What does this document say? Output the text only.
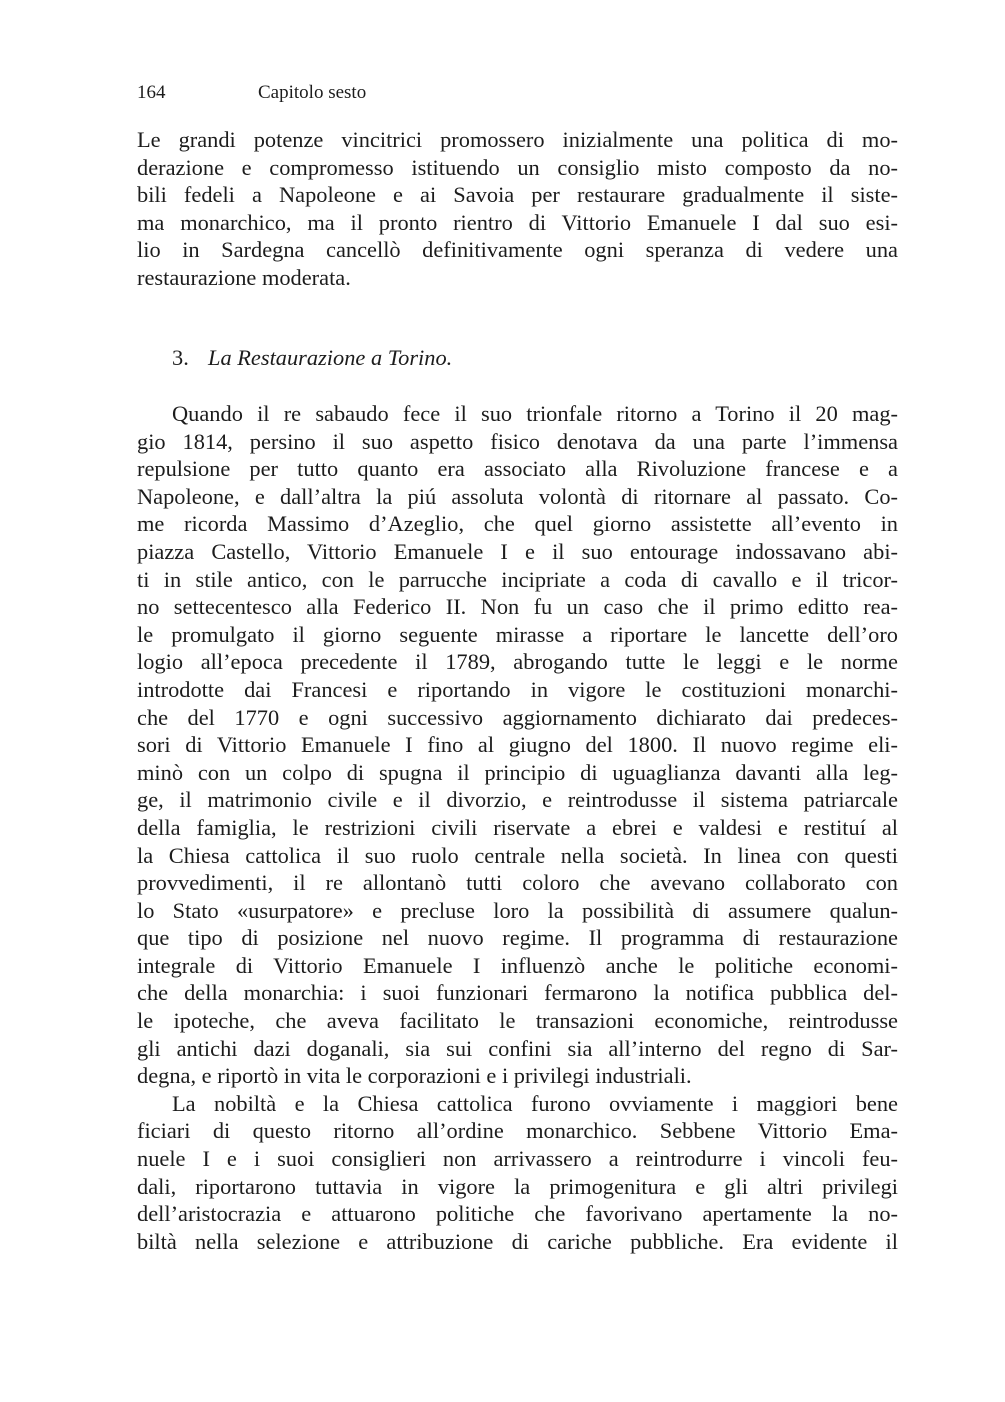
164	Capitolo sesto
Le grandi potenze vincitrici promossero inizialmente una politica di mo-
derazione e compromesso istituendo un consiglio misto composto da no-
bili fedeli a Napoleone e ai Savoia per restaurare gradualmente il siste-
ma monarchico, ma il pronto rientro di Vittorio Emanuele I dal suo esi-
lio in Sardegna cancellò definitivamente ogni speranza di vedere una
restaurazione moderata.
3. La Restaurazione a Torino.
Quando il re sabaudo fece il suo trionfale ritorno a Torino il 20 mag-
gio 1814, persino il suo aspetto fisico denotava da una parte l’immensa
repulsione per tutto quanto era associato alla Rivoluzione francese e a
Napoleone, e dall’altra la piú assoluta volontà di ritornare al passato. Co-
me ricorda Massimo d’Azeglio, che quel giorno assistette all’evento in
piazza Castello, Vittorio Emanuele I e il suo entourage indossavano abi-
ti in stile antico, con le parrucche incipriate a coda di cavallo e il tricor-
no settecentesco alla Federico II. Non fu un caso che il primo editto rea-
le promulgato il giorno seguente mirasse a riportare le lancette dell’oro
logio all’epoca precedente il 1789, abrogando tutte le leggi e le norme
introdotte dai Francesi e riportando in vigore le costituzioni monarchi-
che del 1770 e ogni successivo aggiornamento dichiarato dai predeces-
sori di Vittorio Emanuele I fino al giugno del 1800. Il nuovo regime eli-
minò con un colpo di spugna il principio di uguaglianza davanti alla leg-
ge, il matrimonio civile e il divorzio, e reintrodusse il sistema patriarcale
della famiglia, le restrizioni civili riservate a ebrei e valdesi e restituí al
la Chiesa cattolica il suo ruolo centrale nella società. In linea con questi
provvedimenti, il re allontanò tutti coloro che avevano collaborato con
lo Stato «usurpatore» e precluse loro la possibilità di assumere qualun-
que tipo di posizione nel nuovo regime. Il programma di restaurazione
integrale di Vittorio Emanuele I influenzò anche le politiche economi-
che della monarchia: i suoi funzionari fermarono la notifica pubblica del-
le ipoteche, che aveva facilitato le transazioni economiche, reintrodusse
gli antichi dazi doganali, sia sui confini sia all’interno del regno di Sar-
degna, e riportò in vita le corporazioni e i privilegi industriali.
La nobiltà e la Chiesa cattolica furono ovviamente i maggiori bene
ficiari di questo ritorno all’ordine monarchico. Sebbene Vittorio Ema-
nuele I e i suoi consiglieri non arrivassero a reintrodurre i vincoli feu-
dali, riportarono tuttavia in vigore la primogenitura e gli altri privilegi
dell’aristocrazia e attuarono politiche che favorivano apertamente la no-
biltà nella selezione e attribuzione di cariche pubbliche. Era evidente il
